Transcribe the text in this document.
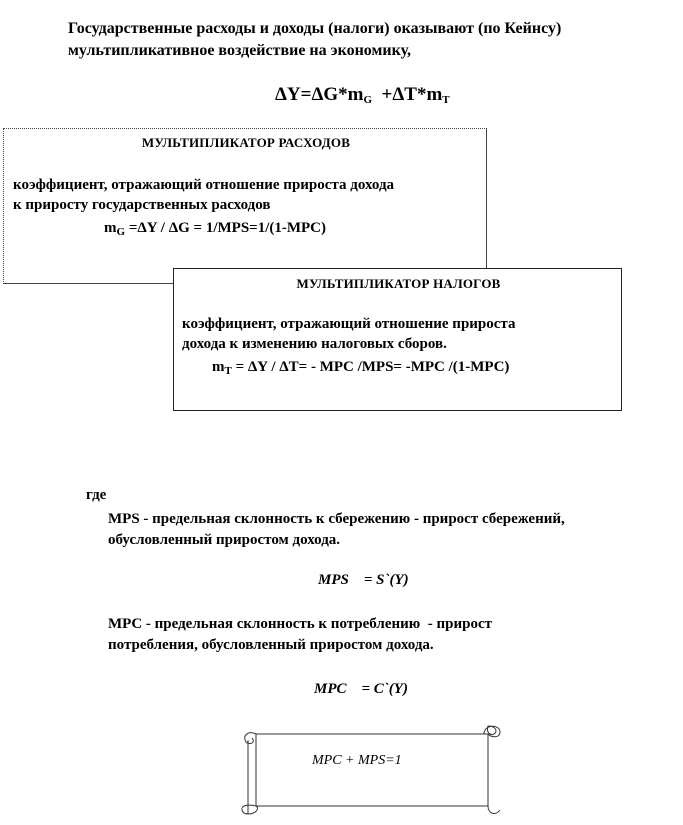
Государственные расходы и доходы (налоги) оказывают (по Кейнсу)
мультипликативное воздействие на экономику,
$\Delta Y=\Delta G*m_G +\Delta T*m_T$
МУЛЬТИПЛИКАТОР РАСХОДОВ
коэффициент, отражающий отношение прироста дохода
к приросту государственных расходов
$m_G =\Delta Y / \Delta G = 1/MPS=1/(1-MPC)$
МУЛЬТИПЛИКАТОР НАЛОГОВ
коэффициент, отражающий отношение прироста
дохода к изменению налоговых сборов.
$m_T = \Delta Y / \Delta T=$ - MPC /MPS= -MPC /(1-MPC)
где
MPS - предельная склонность к сбережению - прирост сбережений,
обусловленный приростом дохода.
MPS    = S`(Y)
MPC - предельная склонность к потреблению  - прирост
потребления, обусловленный приростом дохода.
MPC    = C`(Y)
MPC + MPS=1
